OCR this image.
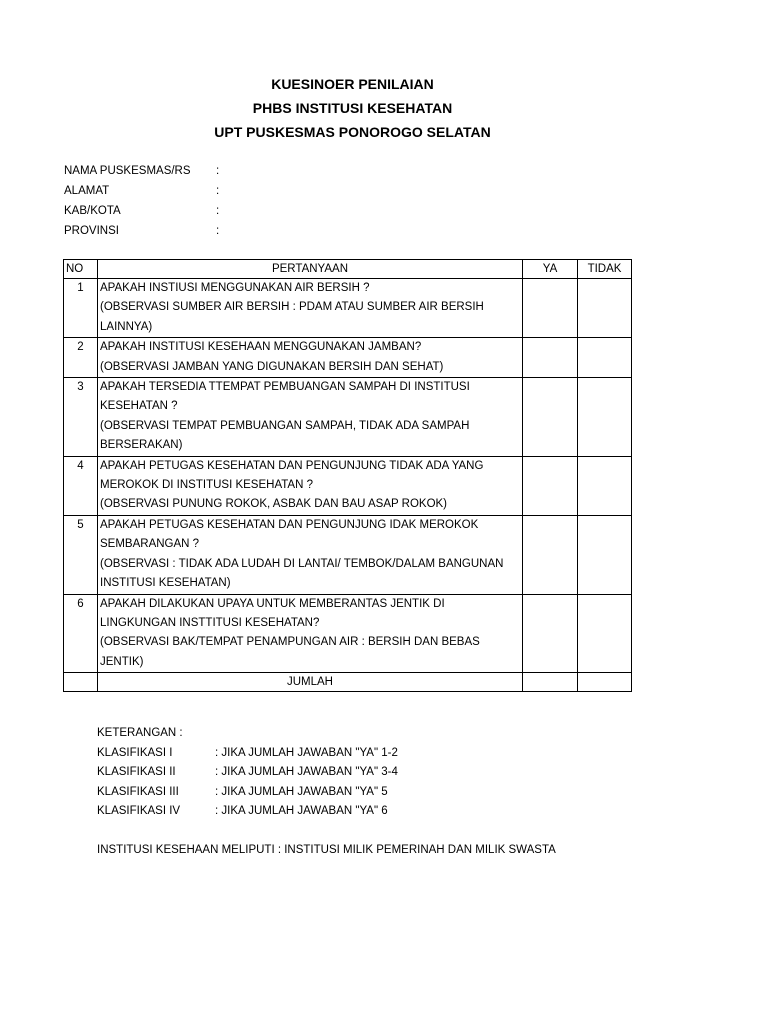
KUESINOER PENILAIAN
PHBS INSTITUSI KESEHATAN
UPT PUSKESMAS PONOROGO SELATAN
NAMA PUSKESMAS/RS	:
ALAMAT	:
KAB/KOTA	:
PROVINSI	:
NO	PERTANYAAN	YA	TIDAK
1	APAKAH INSTIUSI MENGGUNAKAN AIR BERSIH ?
(OBSERVASI SUMBER AIR BERSIH : PDAM ATAU SUMBER AIR BERSIH
LAINNYA)		

2	APAKAH INSTITUSI KESEHAAN MENGGUNAKAN JAMBAN?
(OBSERVASI JAMBAN YANG DIGUNAKAN BERSIH DAN SEHAT)		

3	APAKAH TERSEDIA TTEMPAT PEMBUANGAN SAMPAH DI INSTITUSI
KESEHATAN ?
(OBSERVASI TEMPAT PEMBUANGAN SAMPAH, TIDAK ADA SAMPAH
BERSERAKAN)		

4	APAKAH PETUGAS KESEHATAN DAN PENGUNJUNG TIDAK ADA YANG
MEROKOK DI INSTITUSI KESEHATAN ?
(OBSERVASI PUNUNG ROKOK, ASBAK DAN BAU ASAP ROKOK)		

5	APAKAH PETUGAS KESEHATAN DAN PENGUNJUNG IDAK MEROKOK
SEMBARANGAN ?
(OBSERVASI : TIDAK ADA LUDAH DI LANTAI/ TEMBOK/DALAM BANGUNAN
INSTITUSI KESEHATAN)		

6	APAKAH DILAKUKAN UPAYA UNTUK MEMBERANTAS JENTIK DI
LINGKUNGAN INSTTITUSI KESEHATAN?
(OBSERVASI BAK/TEMPAT PENAMPUNGAN AIR : BERSIH DAN BEBAS
JENTIK)		

	JUMLAH		
KETERANGAN :
KLASIFIKASI I	: JIKA JUMLAH JAWABAN "YA" 1-2
KLASIFIKASI II	: JIKA JUMLAH JAWABAN "YA" 3-4
KLASIFIKASI III	: JIKA JUMLAH JAWABAN "YA" 5
KLASIFIKASI IV	: JIKA JUMLAH JAWABAN "YA" 6
INSTITUSI KESEHAAN MELIPUTI : INSTITUSI MILIK PEMERINAH DAN MILIK SWASTA
